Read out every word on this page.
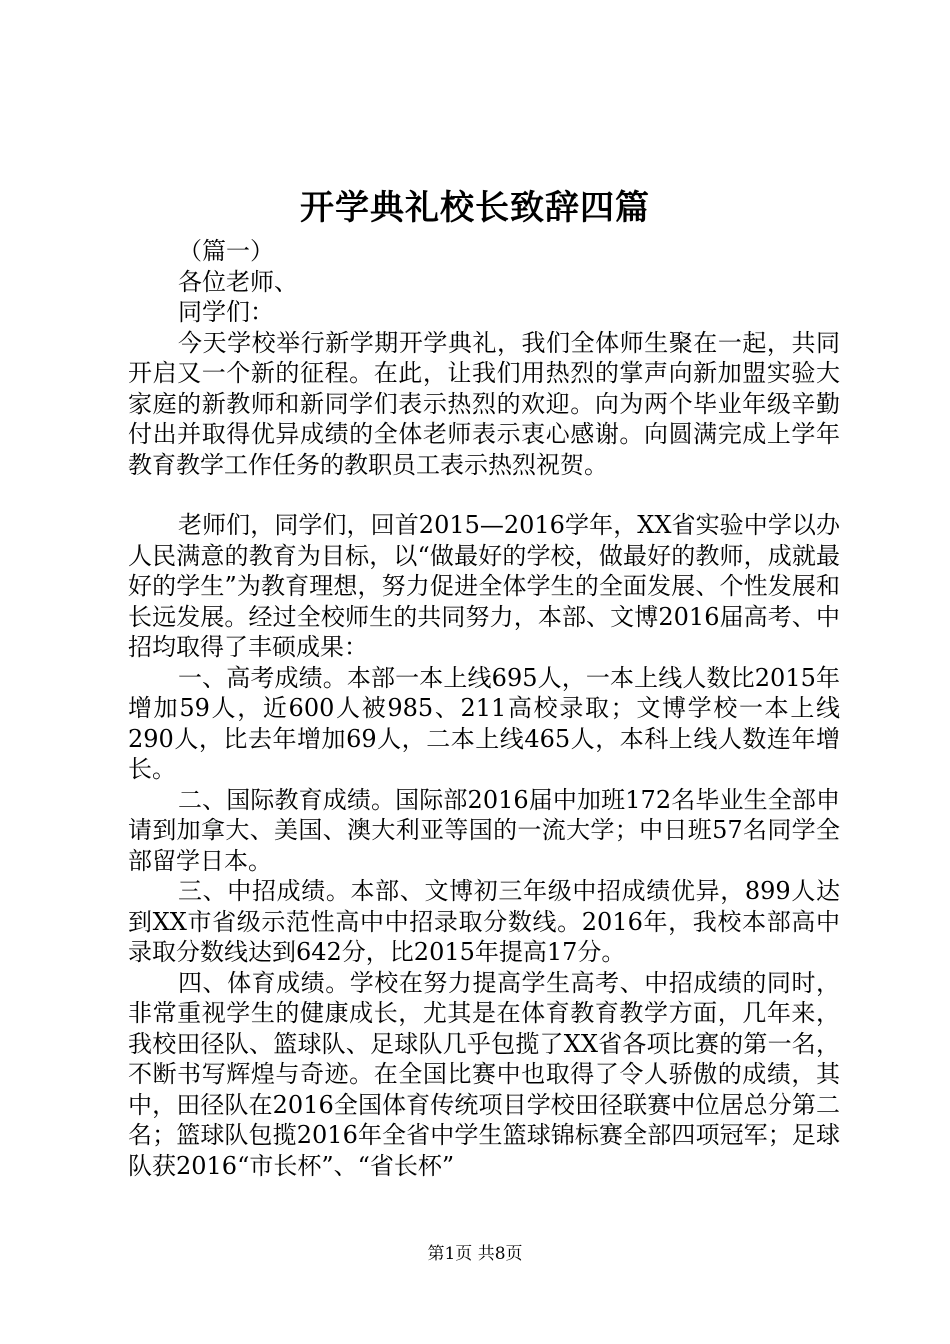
开学典礼校长致辞四篇

（篇一）

各位老师、

同学们：

今天学校举行新学期开学典礼，我们全体师生聚在一起，共同开启又一个新的征程。在此，让我们用热烈的掌声向新加盟实验大家庭的新教师和新同学们表示热烈的欢迎。向为两个毕业年级辛勤付出并取得优异成绩的全体老师表示衷心感谢。向圆满完成上学年教育教学工作任务的教职员工表示热烈祝贺。

老师们，同学们，回首2015—2016学年，XX省实验中学以办人民满意的教育为目标，以“做最好的学校，做最好的教师，成就最好的学生”为教育理想，努力促进全体学生的全面发展、个性发展和长远发展。经过全校师生的共同努力，本部、文博2016届高考、中招均取得了丰硕成果：

一、高考成绩。本部一本上线695人，一本上线人数比2015年增加59人，近600人被985、211高校录取；文博学校一本上线290人，比去年增加69人，二本上线465人，本科上线人数连年增长。

二、国际教育成绩。国际部2016届中加班172名毕业生全部申请到加拿大、美国、澳大利亚等国的一流大学；中日班57名同学全部留学日本。

三、中招成绩。本部、文博初三年级中招成绩优异，899人达到XX市省级示范性高中中招录取分数线。2016年，我校本部高中录取分数线达到642分，比2015年提高17分。

四、体育成绩。学校在努力提高学生高考、中招成绩的同时，非常重视学生的健康成长，尤其是在体育教育教学方面，几年来，我校田径队、篮球队、足球队几乎包揽了XX省各项比赛的第一名，不断书写辉煌与奇迹。在全国比赛中也取得了令人骄傲的成绩，其中，田径队在2016全国体育传统项目学校田径联赛中位居总分第二名；篮球队包揽2016年全省中学生篮球锦标赛全部四项冠军；足球队获2016“市长杯”、“省长杯”

第1页 共8页
